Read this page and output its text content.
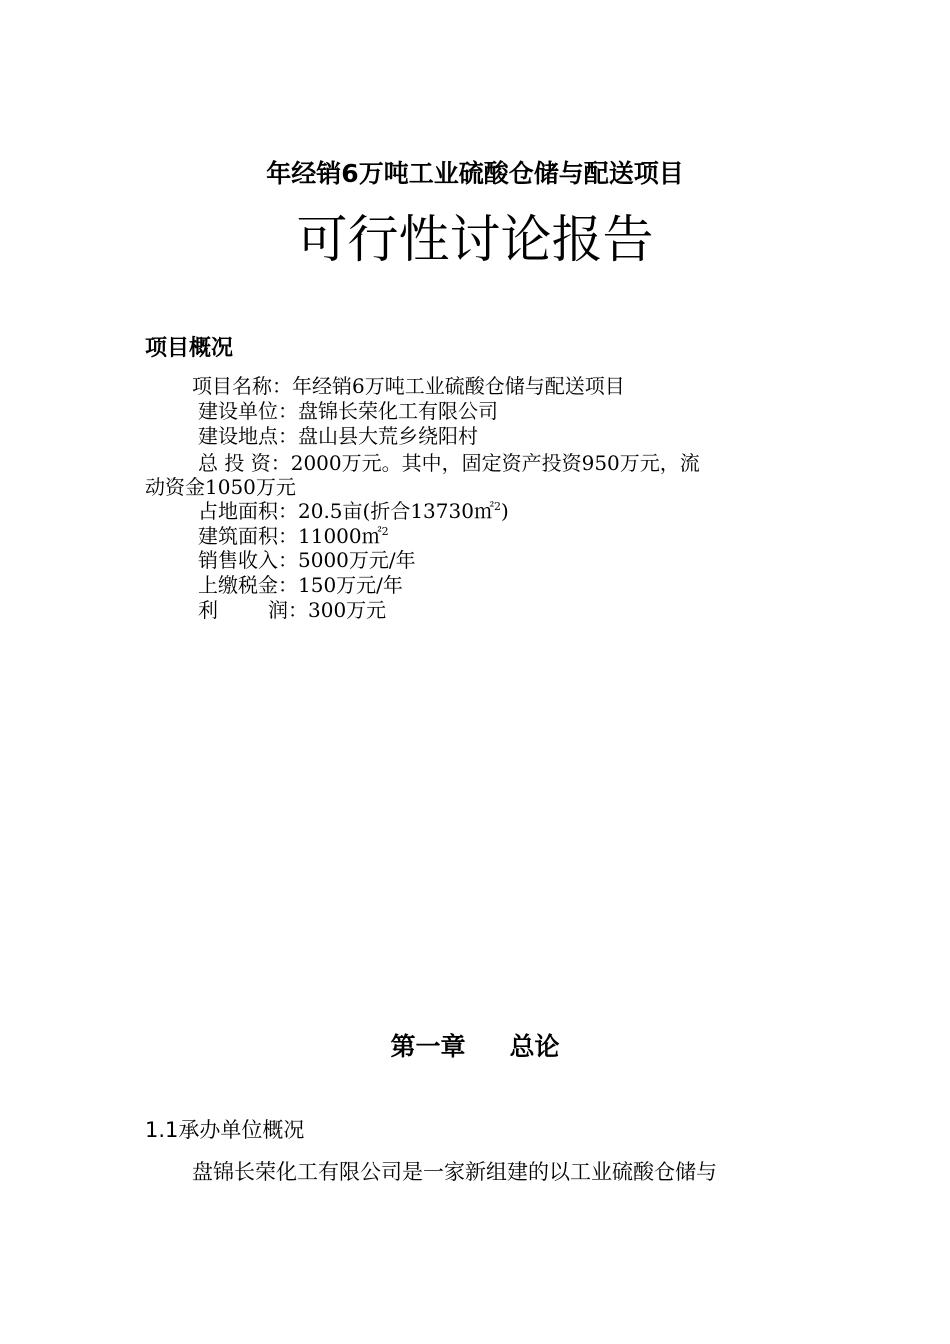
年经销6万吨工业硫酸仓储与配送项目
可行性讨论报告
项目概况
项目名称：年经销6万吨工业硫酸仓储与配送项目
建设单位：盘锦长荣化工有限公司
建设地点：盘山县大荒乡绕阳村
总 投 资：2000万元。其中，固定资产投资950万元，流
动资金1050万元
占地面积：20.5亩(折合13730㎡$^2$)
建筑面积：11000㎡$^2$
销售收入：5000万元/年
上缴税金：150万元/年
利	润：300万元
第一章 总论
1.1承办单位概况
盘锦长荣化工有限公司是一家新组建的以工业硫酸仓储与
